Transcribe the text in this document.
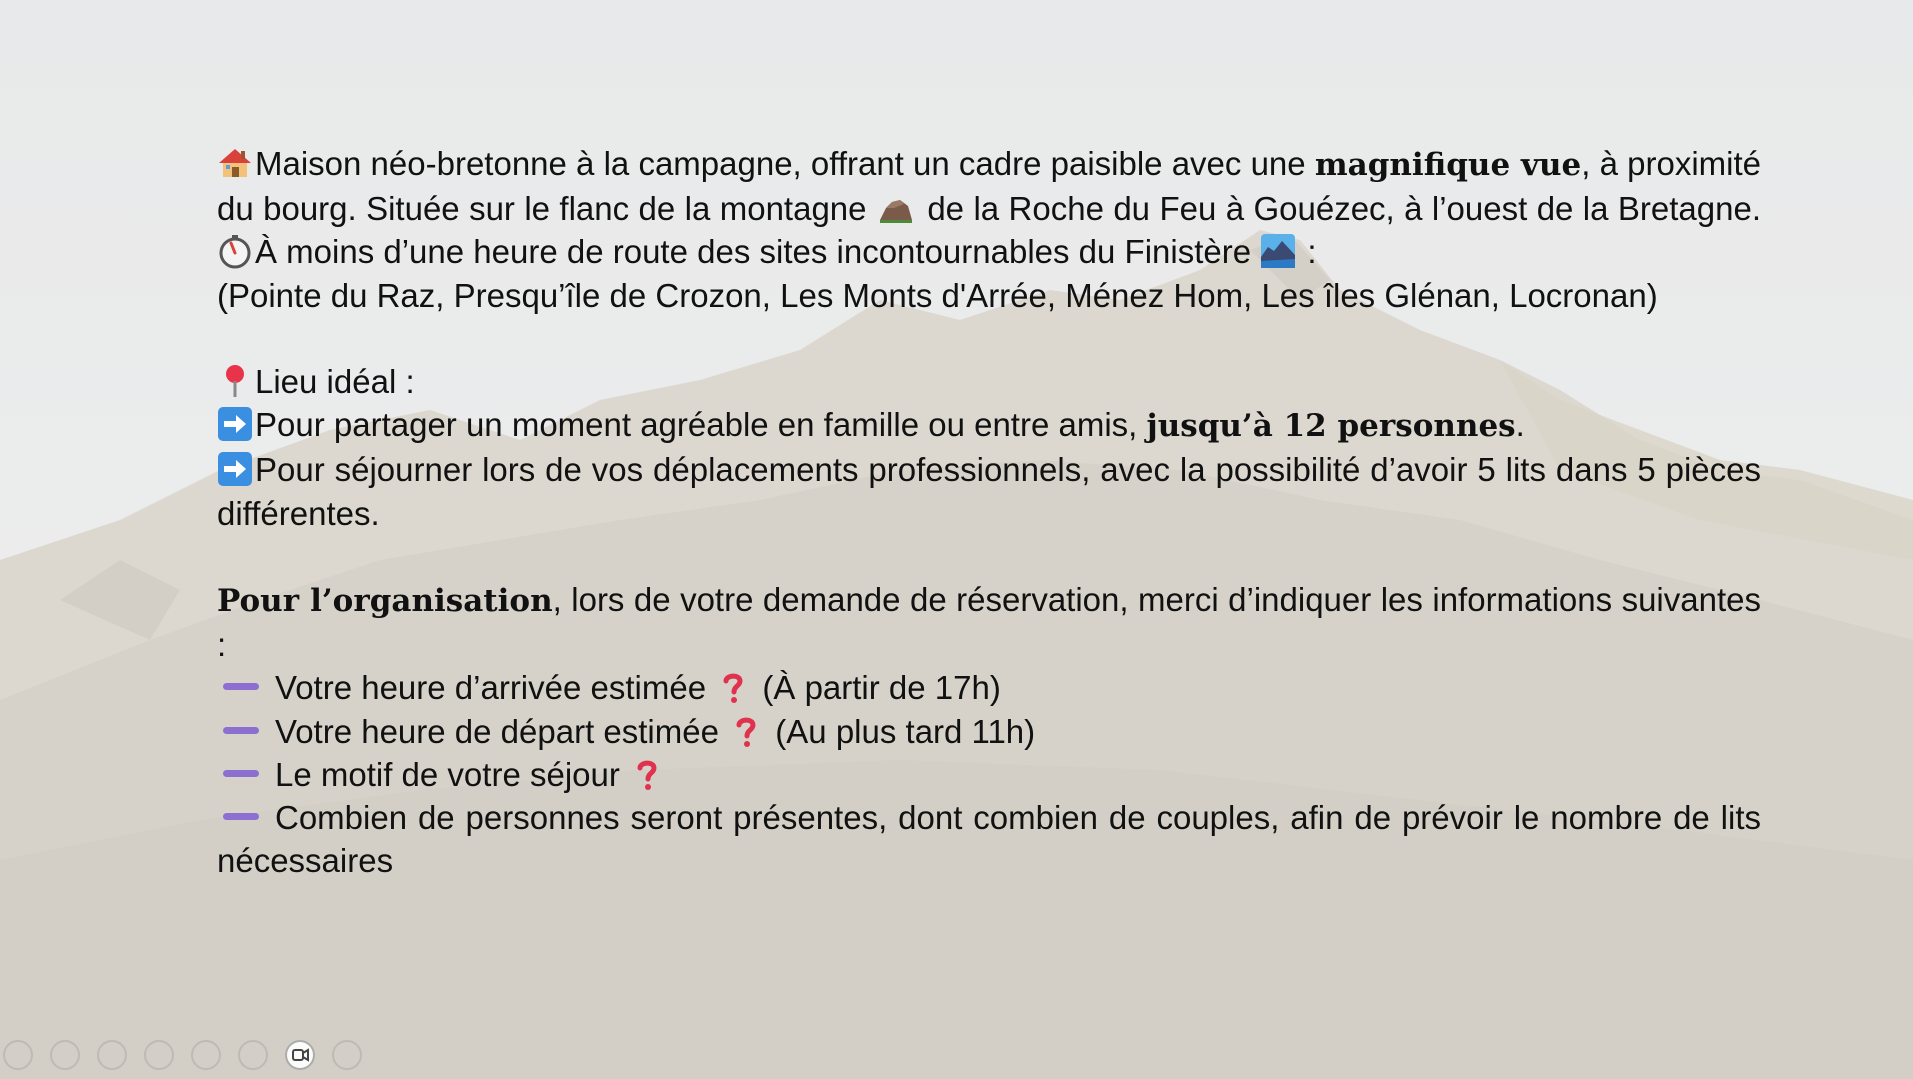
Maison néo-bretonne à la campagne, offrant un cadre paisible avec une magnifique vue, à proximité du bourg. Située sur le flanc de la montagne  de la Roche du Feu à Gouézec, à l’ouest de la Bretagne. À moins d’une heure de route des sites incontournables du Finistère  :

(Pointe du Raz, Presqu’île de Crozon, Les Monts d'Arrée, Ménez Hom, Les îles Glénan, Locronan)

Lieu idéal :

Pour partager un moment agréable en famille ou entre amis, jusqu’à 12 personnes.

Pour séjourner lors de vos déplacements professionnels, avec la possibilité d’avoir 5 lits dans 5 pièces différentes.

Pour l’organisation, lors de votre demande de réservation, merci d’indiquer les informations suivantes :

Votre heure d’arrivée estimée  (À partir de 17h)

Votre heure de départ estimée  (Au plus tard 11h)

Le motif de votre séjour

Combien de personnes seront présentes, dont combien de couples, afin de prévoir le nombre de lits nécessaires
